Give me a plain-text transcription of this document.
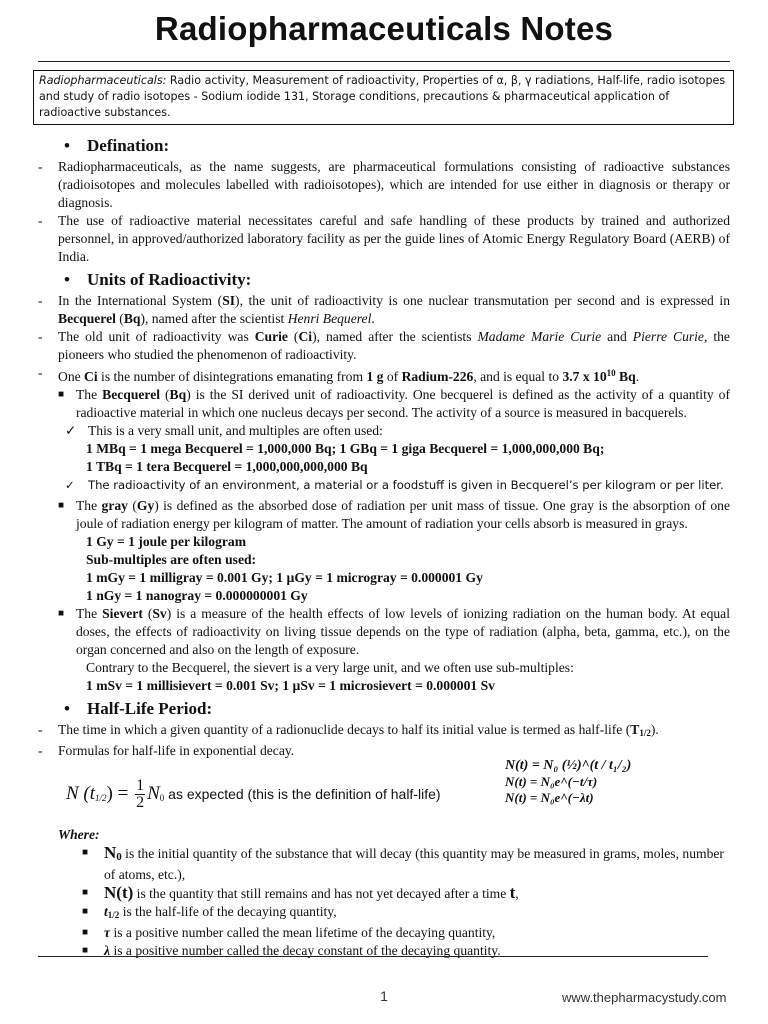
Radiopharmaceuticals Notes
Radiopharmaceuticals: Radio activity, Measurement of radioactivity, Properties of α, β, γ radiations, Half-life, radio isotopes and study of radio isotopes - Sodium iodide 131, Storage conditions, precautions & pharmaceutical application of radioactive substances.
• Defination:
- Radiopharmaceuticals, as the name suggests, are pharmaceutical formulations consisting of radioactive substances (radioisotopes and molecules labelled with radioisotopes), which are intended for use either in diagnosis or therapy or diagnosis.
- The use of radioactive material necessitates careful and safe handling of these products by trained and authorized personnel, in approved/authorized laboratory facility as per the guide lines of Atomic Energy Regulatory Board (AERB) of India.
• Units of Radioactivity:
- In the International System (SI), the unit of radioactivity is one nuclear transmutation per second and is expressed in Becquerel (Bq), named after the scientist Henri Bequerel.
- The old unit of radioactivity was Curie (Ci), named after the scientists Madame Marie Curie and Pierre Curie, the pioneers who studied the phenomenon of radioactivity.
- One Ci is the number of disintegrations emanating from 1 g of Radium-226, and is equal to 3.7 x $10^{10}$ Bq.
■ The Becquerel (Bq) is the SI derived unit of radioactivity. One becquerel is defined as the activity of a quantity of radioactive material in which one nucleus decays per second. The activity of a source is measured in bacquerels.
✓ This is a very small unit, and multiples are often used:
1 MBq = 1 mega Becquerel = 1,000,000 Bq; 1 GBq = 1 giga Becquerel = 1,000,000,000 Bq;
1 TBq = 1 tera Becquerel = 1,000,000,000,000 Bq
✓ The radioactivity of an environment, a material or a foodstuff is given in Becquerel’s per kilogram or per liter.
■ The gray (Gy) is defined as the absorbed dose of radiation per unit mass of tissue. One gray is the absorption of one joule of radiation energy per kilogram of matter. The amount of radiation your cells absorb is measured in grays.
1 Gy = 1 joule per kilogram
Sub-multiples are often used:
1 mGy = 1 milligray = 0.001 Gy; 1 µGy = 1 microgray = 0.000001 Gy
1 nGy = 1 nanogray = 0.000000001 Gy
■ The Sievert (Sv) is a measure of the health effects of low levels of ionizing radiation on the human body. At equal doses, the effects of radioactivity on living tissue depends on the type of radiation (alpha, beta, gamma, etc.), on the organ concerned and also on the length of exposure.
Contrary to the Becquerel, the sievert is a very large unit, and we often use sub-multiples:
1 mSv = 1 millisievert = 0.001 Sv; 1 µSv = 1 microsievert = 0.000001 Sv
• Half-Life Period:
- The time in which a given quantity of a radionuclide decays to half its initial value is termed as half-life $(T_{1/2})$.
- Formulas for half-life in exponential decay.
N $(t_{1/2}) = \frac{1}{2} N_0$ as expected (this is the definition of half-life)
N(t) = N₀ (½)^(t / t₁/₂)
N(t) = N₀e^(−t/τ)
N(t) = N₀e^(−λt)
Where:
■ N0 is the initial quantity of the substance that will decay (this quantity may be measured in grams, moles, number of atoms, etc.),
■ N(t) is the quantity that still remains and has not yet decayed after a time t,
■ $t_{1/2}$ is the half-life of the decaying quantity,
■ τ is a positive number called the mean lifetime of the decaying quantity,
■ λ is a positive number called the decay constant of the decaying quantity.
1	www.thepharmacystudy.com
